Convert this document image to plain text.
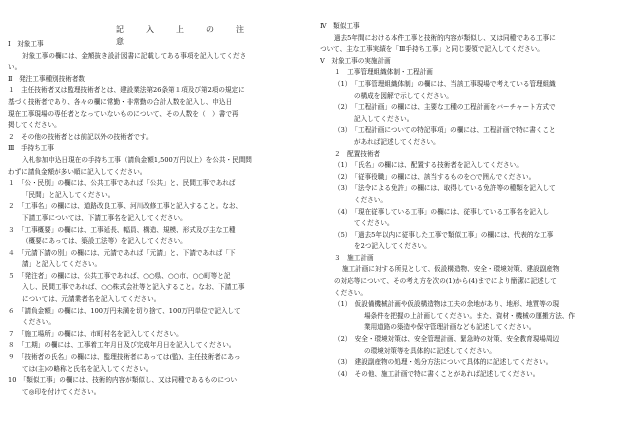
記　入　上　の　注　意
Ⅰ　対象工事
対象工事の欄には、金額抜き設計図書に記載してある事項を記入してくださ
い。
Ⅱ　発注工事種別技術者数
１　主任技術者又は監理技術者とは、建設業法第26条第１項及び第2項の規定に
基づく技術者であり、各々の欄に常勤・非常勤の合計人数を記入し、申込日
現在工事現場の専任者となっていないものについて、その人数を（　）書で再
掲してください。
２　その他の技術者とは前記以外の技術者です。
Ⅲ　手持ち工事
入札参加申込日現在の手持ち工事（請負金額1,500万円以上）を公共・民間問
わずに請負金額が多い順に記入してください。
１　「公・民別」の欄には、公共工事であれば「公共」と、民間工事であれば
「民間」と記入してください。
２　「工事名」の欄には、道路改良工事、河川改修工事と記入すること。なお、
下請工事については、下請工事名を記入してください。
３　「工事概要」の欄には、工事延長、幅員、構造、規模、形式及び主な工種
（概要にあっては、築設工法等）を記入してください。
４　「元請下請の別」の欄には、元請であれば「元請」と、下請であれば「下
請」と記入してください。
５　「発注者」の欄には、公共工事であれば、○○県、○○市、○○町等と記
入し、民間工事であれば、○○株式会社等と記入すること。なお、下請工事
については、元請業者名を記入してください。
６　「請負金額」の欄には、100万円未満を切り捨て、100万円単位で記入して
ください。
７　「施工場所」の欄には、市町村名を記入してください。
８　「工期」の欄には、工事着工年月日及び完成年月日を記入してください。
９　「技術者の氏名」の欄には、監理技術者にあっては(監)、主任技術者にあっ
ては(主)の略称と氏名を記入してください。
10　「類似工事」の欄には、技術的内容が類似し、又は同種であるものについ
て◎印を付けてください。
Ⅳ　類似工事
過去5年間における本件工事と技術的内容が類似し、又は同種である工事に
ついて、主な工事実績を「Ⅲ手持ち工事」と同じ要領で記入してください。
Ⅴ　対象工事の実施計画
１　工事管理組織体制・工程計画
（1）　「工事管理組織体制」の欄には、当該工事現場で考えている管理組織
の構成を図解で示してください。
（2）　「工程計画」の欄には、主要な工種の工程計画をバーチャート方式で
記入してください。
（3）　「工程計画についての特記事項」の欄には、工程計画で特に書くこと
があれば記述してください。
２　配置技術者
（1）　「氏名」の欄には、配置する技術者を記入してください。
（2）　「従事役職」の欄には、該当するものを○で囲んでください。
（3）　「法令による免許」の欄には、取得している免許等の種類を記入して
ください。
（4）　「現在従事している工事」の欄には、従事している工事名を記入し
てください。
（5）　「過去5年以内に従事した工事で類似工事」の欄には、代表的な工事
を2つ記入してください。
３　施工計画
施工計画に対する所見として、仮設構造物、安全・環境対策、建設副産物
の対応等について、その考え方を次の(1)から(4)までにより簡潔に記述して
ください。
（1）　仮設備機械計画や仮設構造物は工夫の余地があり、地形、地質等の現
場条件を把握の上計画してください。また、資材・機械の運搬方法、作
業用道路の築造や保守管理計画なども記述してください。
（2）　安全・環境対策は、安全管理計画、緊急時の対策、安全教育現場周辺
の環境対策等を具体的に記述してください。
（3）　建設副産物の処理・処分方法について具体的に記述してください。
（4）　その他、施工計画で特に書くことがあれば記述してください。
